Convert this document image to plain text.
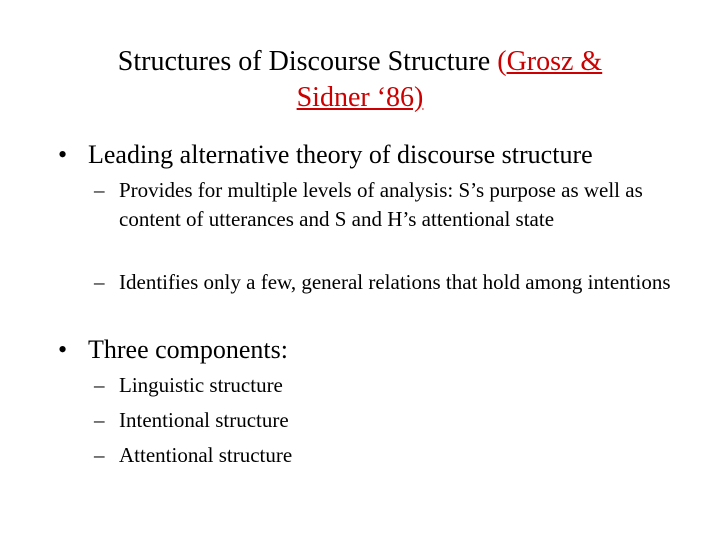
Structures of Discourse Structure (Grosz &
Sidner ‘86)
• Leading alternative theory of discourse structure
– Provides for multiple levels of analysis: S’s purpose as well as content of utterances and S and H’s attentional state
– Identifies only a few, general relations that hold among intentions
• Three components:
– Linguistic structure
– Intentional structure
– Attentional structure
